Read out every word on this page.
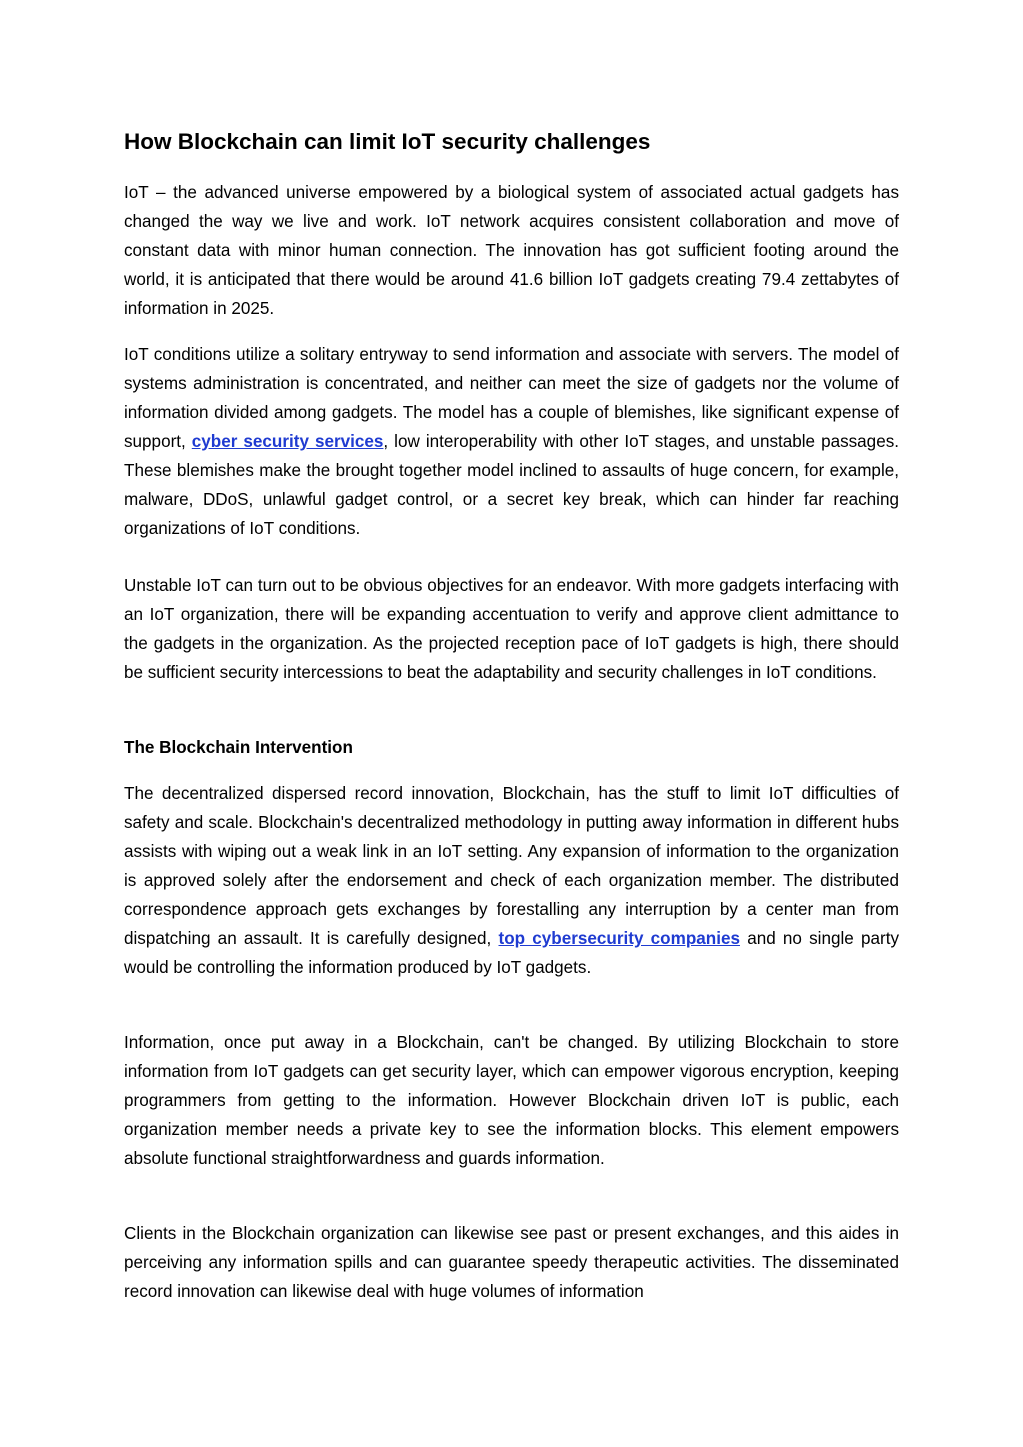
How Blockchain can limit IoT security challenges

IoT – the advanced universe empowered by a biological system of associated actual gadgets has changed the way we live and work. IoT network acquires consistent collaboration and move of constant data with minor human connection. The innovation has got sufficient footing around the world, it is anticipated that there would be around 41.6 billion IoT gadgets creating 79.4 zettabytes of information in 2025.

IoT conditions utilize a solitary entryway to send information and associate with servers. The model of systems administration is concentrated, and neither can meet the size of gadgets nor the volume of information divided among gadgets. The model has a couple of blemishes, like significant expense of support, cyber security services, low interoperability with other IoT stages, and unstable passages. These blemishes make the brought together model inclined to assaults of huge concern, for example, malware, DDoS, unlawful gadget control, or a secret key break, which can hinder far reaching organizations of IoT conditions.

Unstable IoT can turn out to be obvious objectives for an endeavor. With more gadgets interfacing with an IoT organization, there will be expanding accentuation to verify and approve client admittance to the gadgets in the organization. As the projected reception pace of IoT gadgets is high, there should be sufficient security intercessions to beat the adaptability and security challenges in IoT conditions.

The Blockchain Intervention

The decentralized dispersed record innovation, Blockchain, has the stuff to limit IoT difficulties of safety and scale. Blockchain's decentralized methodology in putting away information in different hubs assists with wiping out a weak link in an IoT setting. Any expansion of information to the organization is approved solely after the endorsement and check of each organization member. The distributed correspondence approach gets exchanges by forestalling any interruption by a center man from dispatching an assault. It is carefully designed, top cybersecurity companies and no single party would be controlling the information produced by IoT gadgets.

Information, once put away in a Blockchain, can't be changed. By utilizing Blockchain to store information from IoT gadgets can get security layer, which can empower vigorous encryption, keeping programmers from getting to the information. However Blockchain driven IoT is public, each organization member needs a private key to see the information blocks. This element empowers absolute functional straightforwardness and guards information.

Clients in the Blockchain organization can likewise see past or present exchanges, and this aides in perceiving any information spills and can guarantee speedy therapeutic activities. The disseminated record innovation can likewise deal with huge volumes of information
